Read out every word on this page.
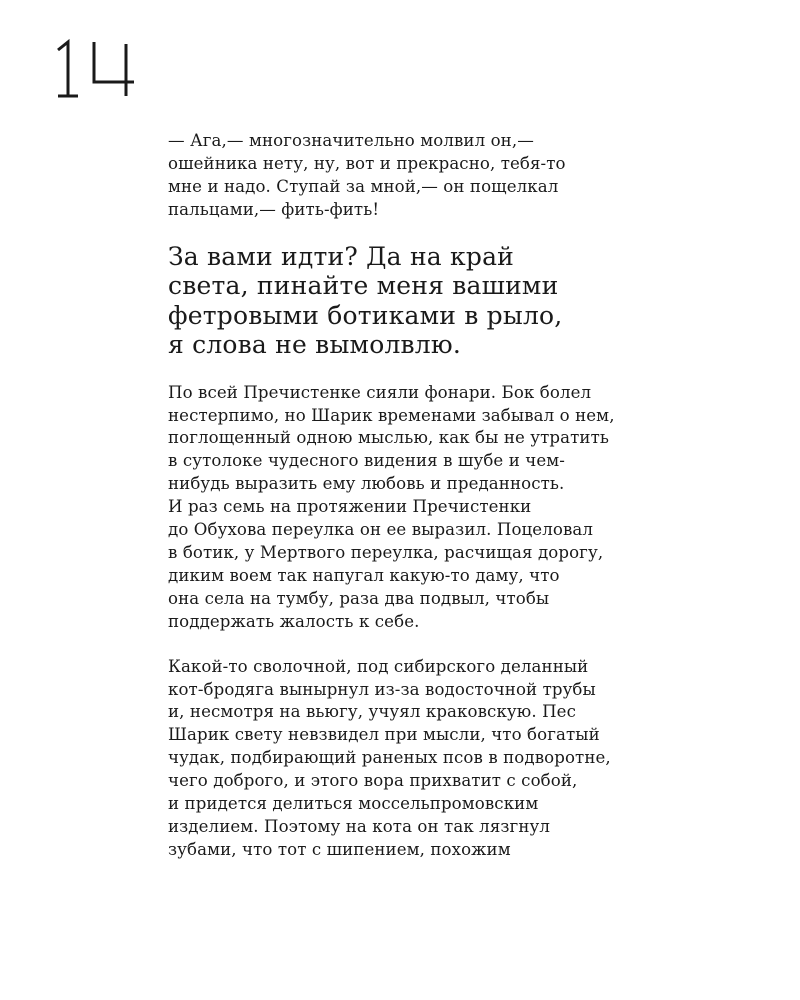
— Ага,— многозначительно молвил он,—
ошейника нету, ну, вот и прекрасно, тебя-то
мне и надо. Ступай за мной,— он пощелкал
пальцами,— фить-фить!

За вами идти? Да на край
света, пинайте меня вашими
фетровыми ботиками в рыло,
я слова не вымолвлю.

По всей Пречистенке сияли фонари. Бок болел
нестерпимо, но Шарик временами забывал о нем,
поглощенный одною мыслью, как бы не утратить
в сутолоке чудесного видения в шубе и чем-
нибудь выразить ему любовь и преданность.
И раз семь на протяжении Пречистенки
до Обухова переулка он ее выразил. Поцеловал
в ботик, у Мертвого переулка, расчищая дорогу,
диким воем так напугал какую-то даму, что
она села на тумбу, раза два подвыл, чтобы
поддержать жалость к себе.

Какой-то сволочной, под сибирского деланный
кот-бродяга вынырнул из-за водосточной трубы
и, несмотря на вьюгу, учуял краковскую. Пес
Шарик свету невзвидел при мысли, что богатый
чудак, подбирающий раненых псов в подворотне,
чего доброго, и этого вора прихватит с собой,
и придется делиться моссельпромовским
изделием. Поэтому на кота он так лязгнул
зубами, что тот с шипением, похожим
